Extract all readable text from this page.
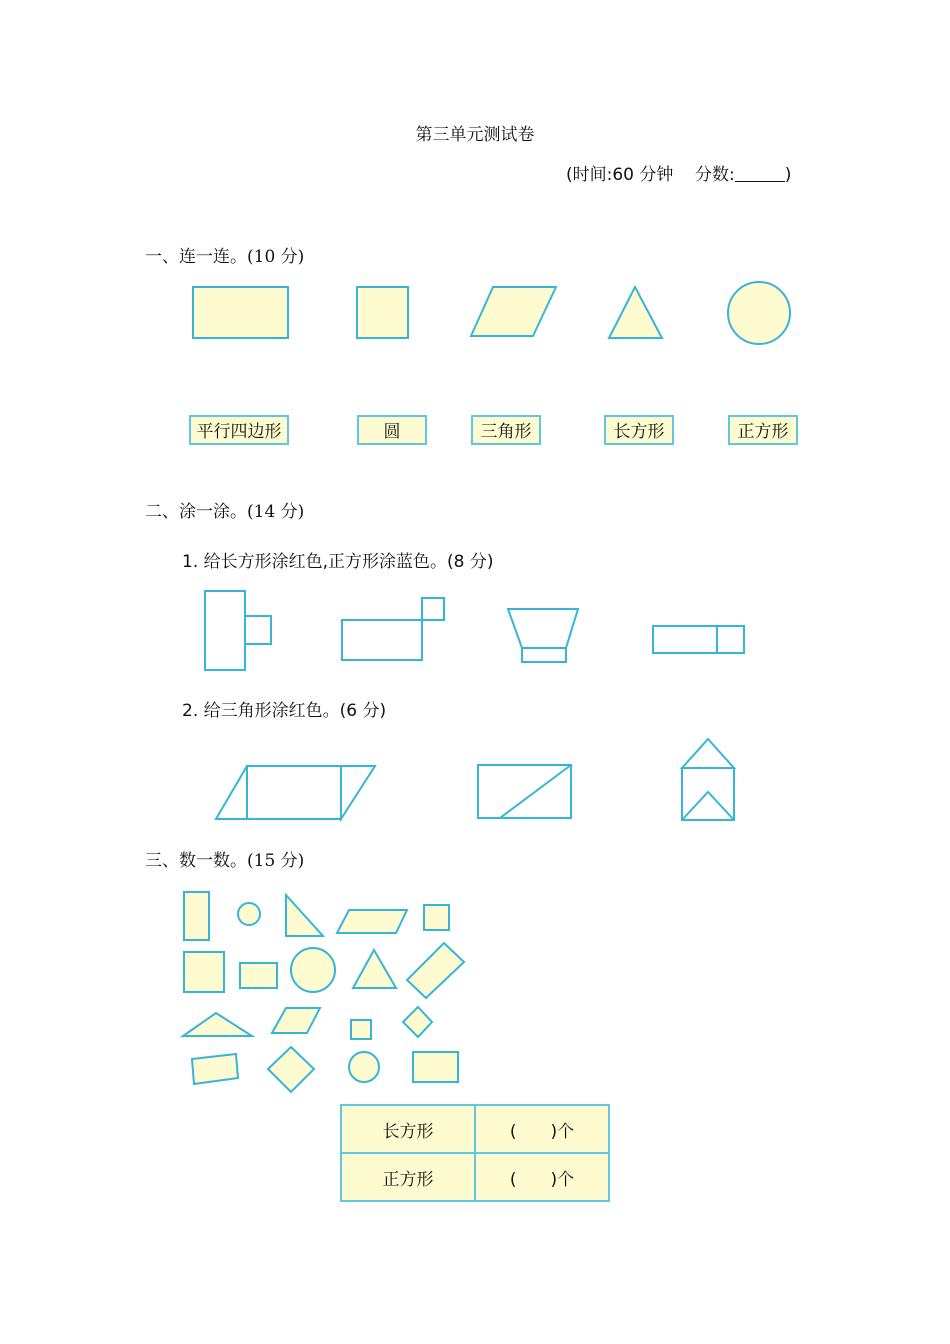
第三单元测试卷
(时间:60 分钟 分数:	)
一、连一连。(10 分)
二、涂一涂。(14 分)
1. 给长方形涂红色,正方形涂蓝色。(8 分)
2. 给三角形涂红色。(6 分)
三、数一数。(15 分)
平行四边形	圆	三角形	长方形	正方形
长方形	(　　)个
正方形	(　　)个
